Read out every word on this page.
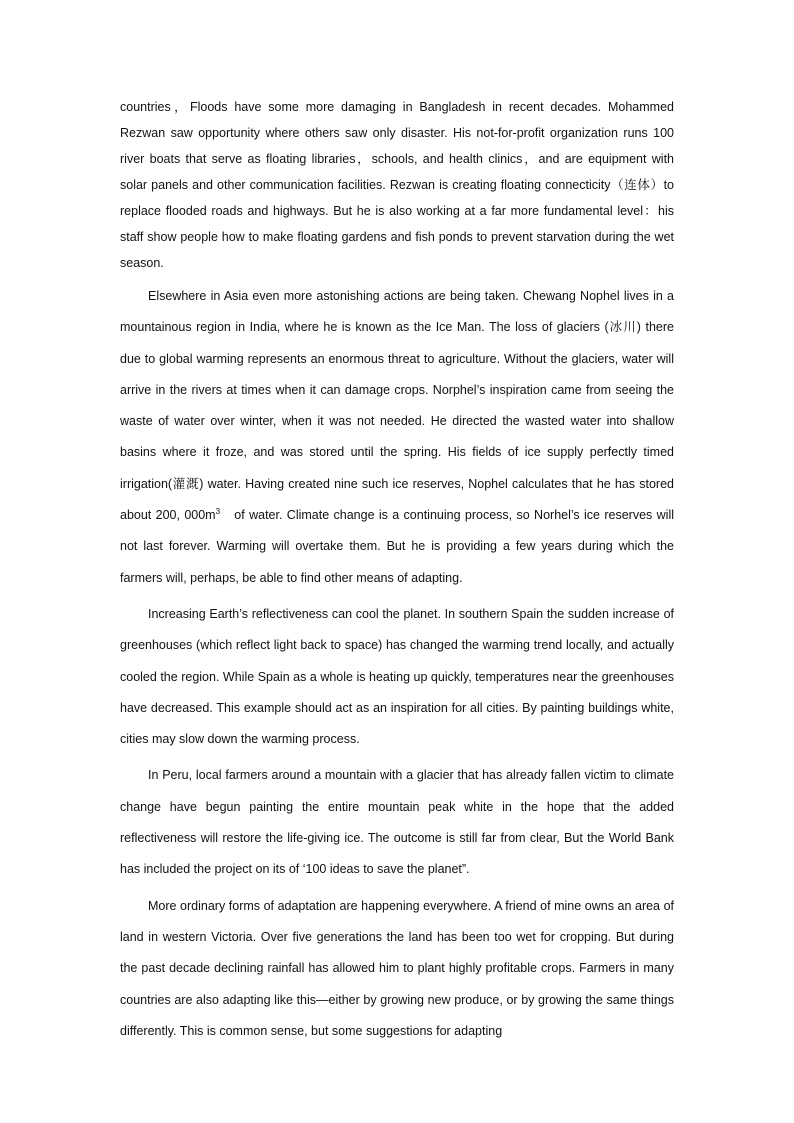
countries，Floods have some more damaging in Bangladesh in recent decades. Mohammed Rezwan saw opportunity where others saw only disaster. His not-for-profit organization runs 100 river boats that serve as floating libraries，schools, and health clinics，and are equipment with solar panels and other communication facilities. Rezwan is creating floating connecticity（连体）to replace flooded roads and highways. But he is also working at a far more fundamental level：his staff show people how to make floating gardens and fish ponds to prevent starvation during the wet season.

Elsewhere in Asia even more astonishing actions are being taken. Chewang Nophel lives in a mountainous region in India, where he is known as the Ice Man. The loss of glaciers (冰川) there due to global warming represents an enormous threat to agriculture. Without the glaciers, water will arrive in the rivers at times when it can damage crops. Norphel’s inspiration came from seeing the waste of water over winter, when it was not needed. He directed the wasted water into shallow basins where it froze, and was stored until the spring. His fields of ice supply perfectly timed irrigation(灌溉) water. Having created nine such ice reserves, Nophel calculates that he has stored about 200, $000m^3$　of water. Climate change is a continuing process, so Norhel’s ice reserves will not last forever. Warming will overtake them. But he is providing a few years during which the farmers will, perhaps, be able to find other means of adapting.

Increasing Earth’s reflectiveness can cool the planet. In southern Spain the sudden increase of greenhouses (which reflect light back to space) has changed the warming trend locally, and actually cooled the region. While Spain as a whole is heating up quickly, temperatures near the greenhouses have decreased. This example should act as an inspiration for all cities. By painting buildings white, cities may slow down the warming process.

In Peru, local farmers around a mountain with a glacier that has already fallen victim to climate change have begun painting the entire mountain peak white in the hope that the added reflectiveness will restore the life-giving ice. The outcome is still far from clear, But the World Bank has included the project on its of ‘100 ideas to save the planet”.

More ordinary forms of adaptation are happening everywhere. A friend of mine owns an area of land in western Victoria. Over five generations the land has been too wet for cropping. But during the past decade declining rainfall has allowed him to plant highly profitable crops. Farmers in many countries are also adapting like this—either by growing new produce, or by growing the same things differently. This is common sense, but some suggestions for adapting
